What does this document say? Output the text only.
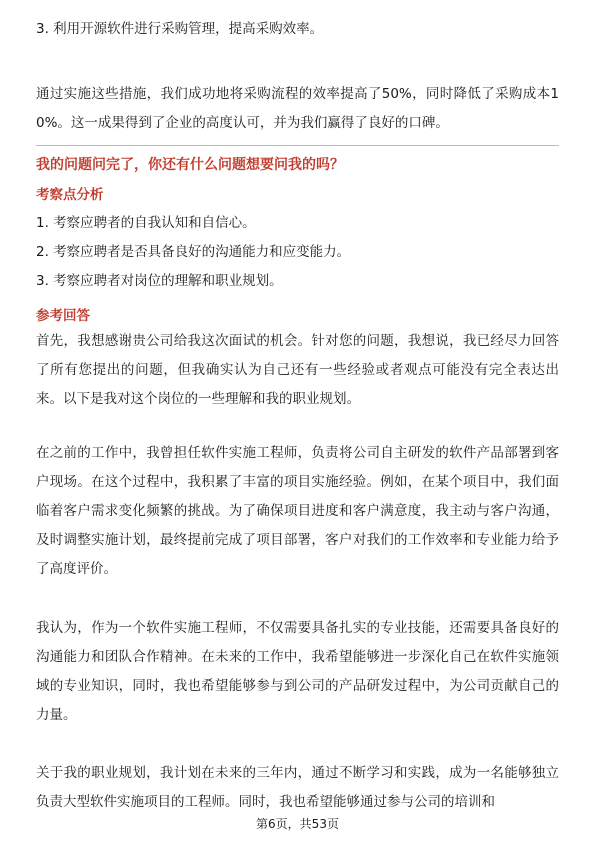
3. 利用开源软件进行采购管理，提高采购效率。

通过实施这些措施，我们成功地将采购流程的效率提高了50%，同时降低了采购成本10%。这一成果得到了企业的高度认可，并为我们赢得了良好的口碑。

我的问题问完了，你还有什么问题想要问我的吗？

考察点分析

1. 考察应聘者的自我认知和自信心。

2. 考察应聘者是否具备良好的沟通能力和应变能力。

3. 考察应聘者对岗位的理解和职业规划。

参考回答

首先，我想感谢贵公司给我这次面试的机会。针对您的问题，我想说，我已经尽力回答了所有您提出的问题，但我确实认为自己还有一些经验或者观点可能没有完全表达出来。以下是我对这个岗位的一些理解和我的职业规划。

在之前的工作中，我曾担任软件实施工程师，负责将公司自主研发的软件产品部署到客户现场。在这个过程中，我积累了丰富的项目实施经验。例如，在某个项目中，我们面临着客户需求变化频繁的挑战。为了确保项目进度和客户满意度，我主动与客户沟通，及时调整实施计划，最终提前完成了项目部署，客户对我们的工作效率和专业能力给予了高度评价。

我认为，作为一个软件实施工程师，不仅需要具备扎实的专业技能，还需要具备良好的沟通能力和团队合作精神。在未来的工作中，我希望能够进一步深化自己在软件实施领域的专业知识，同时，我也希望能够参与到公司的产品研发过程中，为公司贡献自己的力量。

关于我的职业规划，我计划在未来的三年内，通过不断学习和实践，成为一名能够独立负责大型软件实施项目的工程师。同时，我也希望能够通过参与公司的培训和

第6页，共53页
